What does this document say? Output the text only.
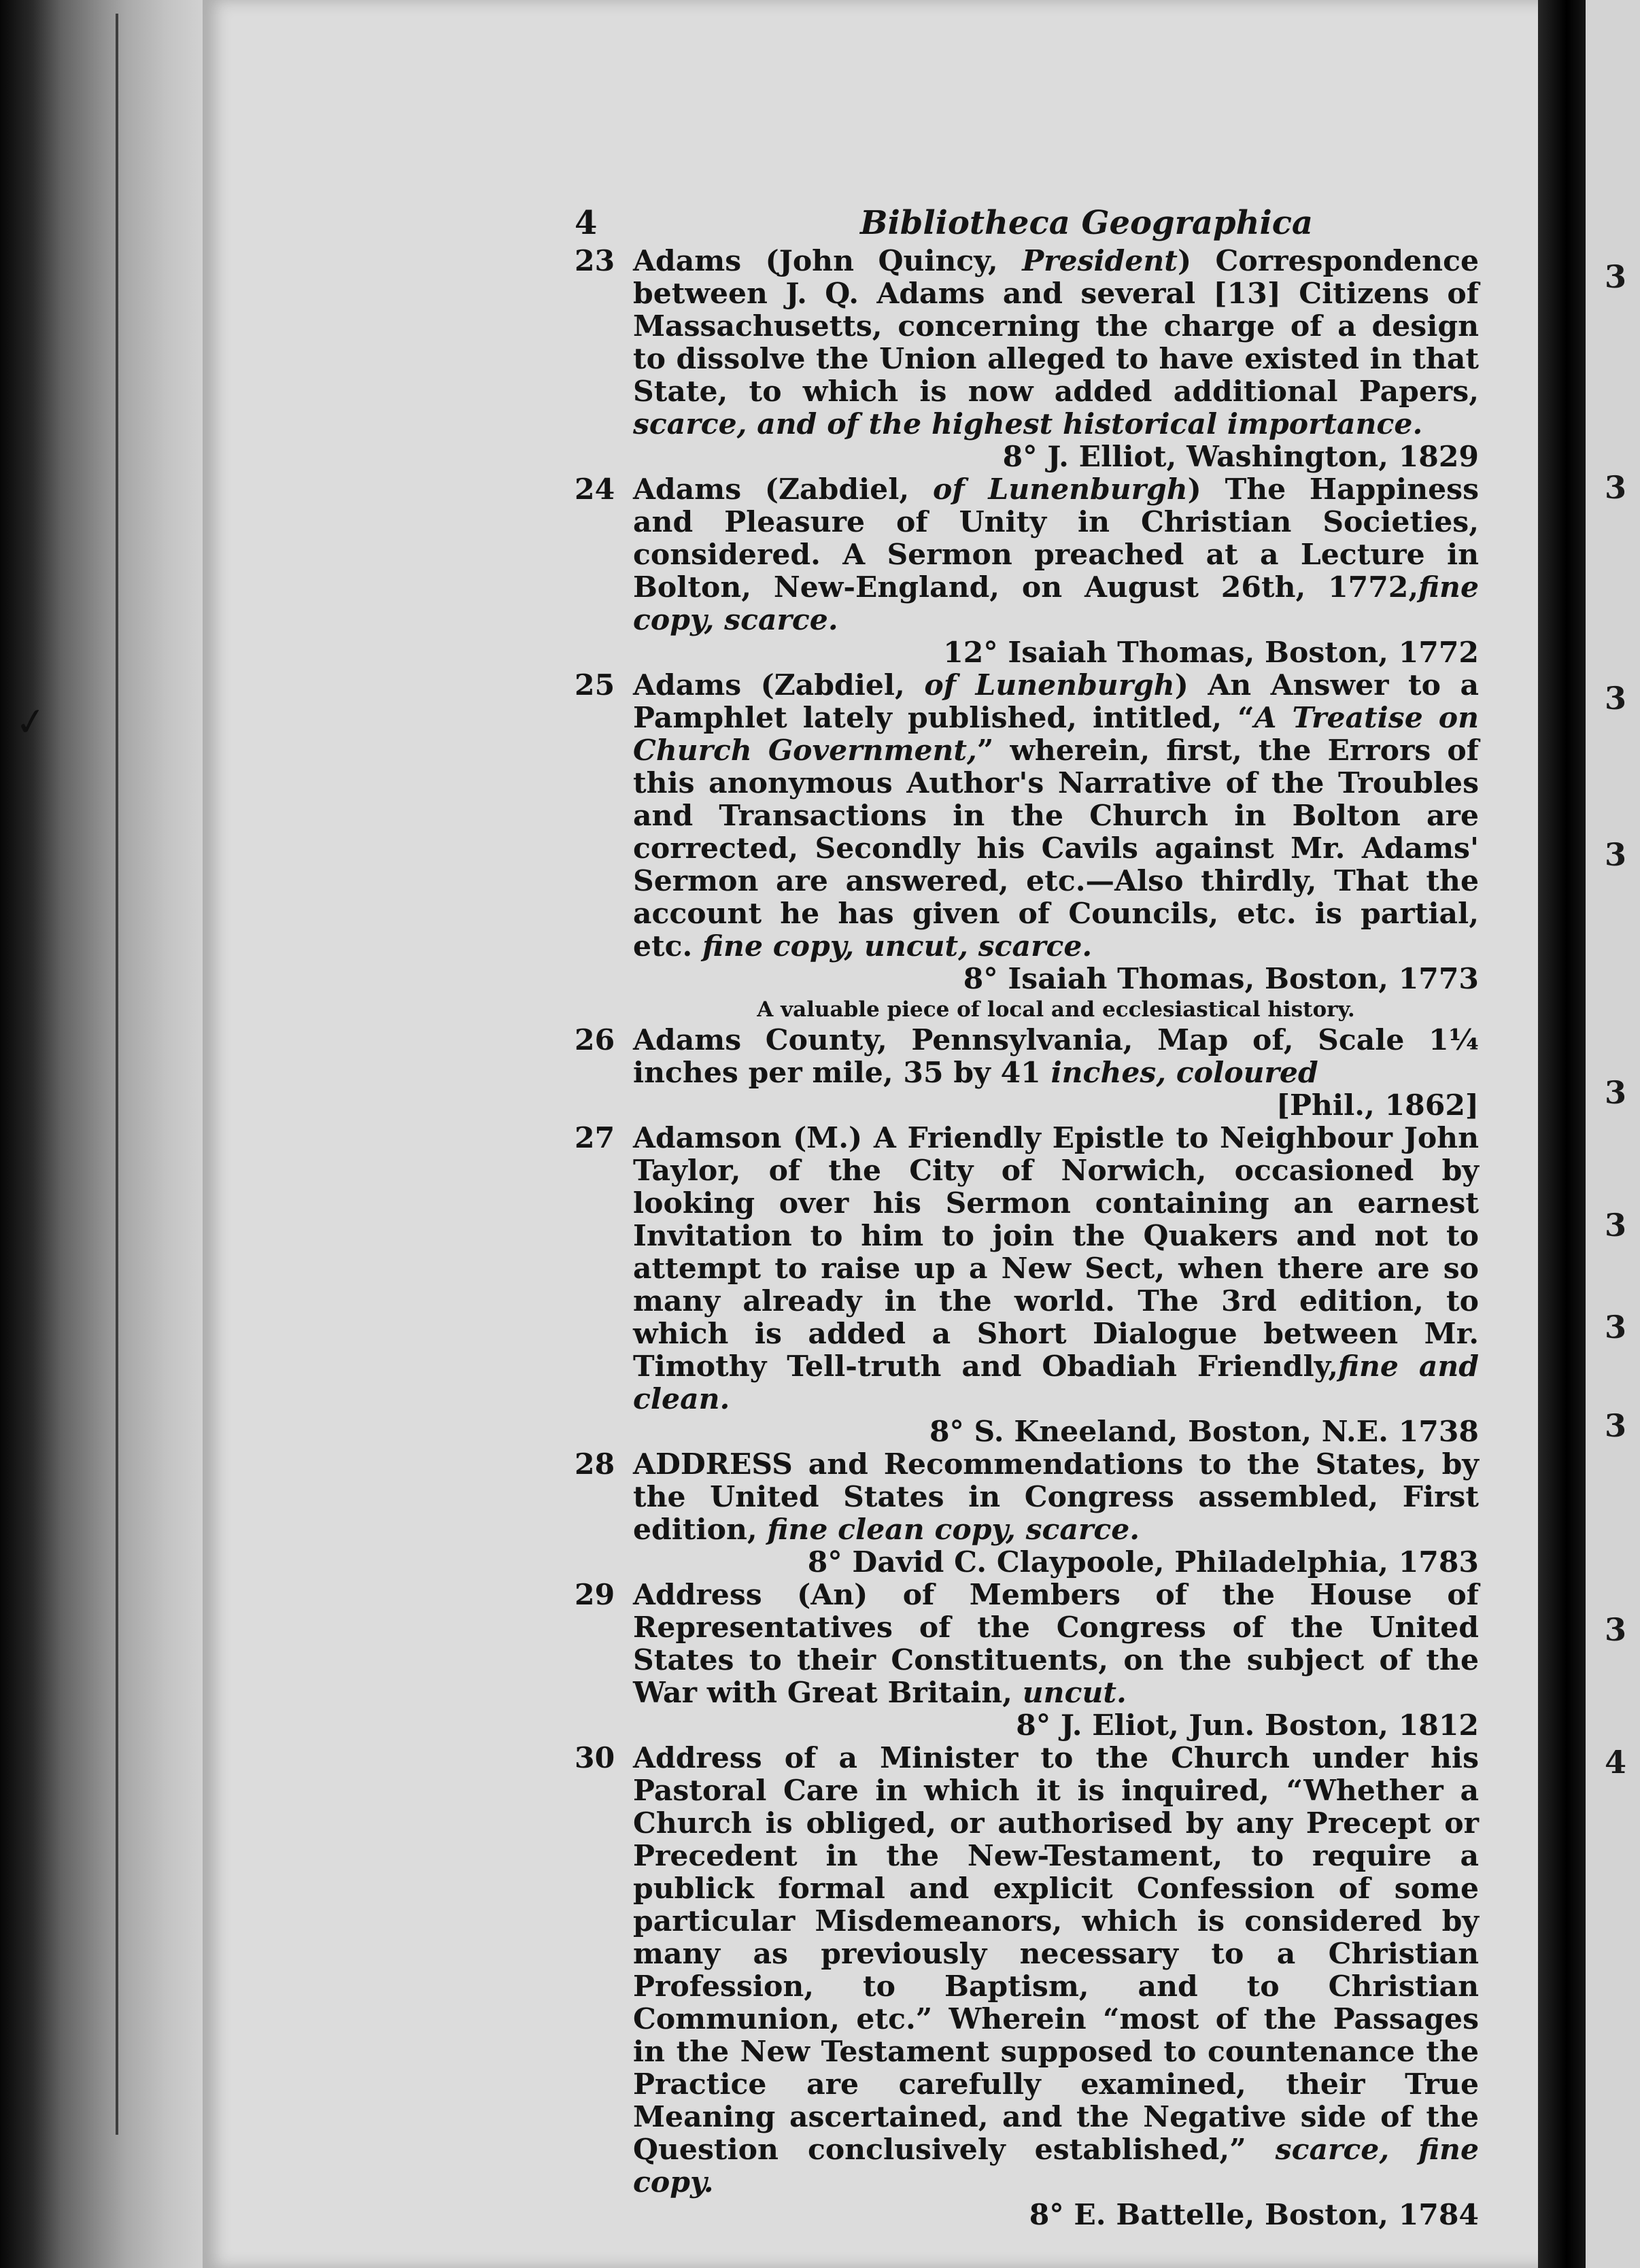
✓
3
3
3
3
3
3
3
3
3
4
4	Bibliotheca Geographica
23 Adams (John Quincy, President) Correspondence between J. Q. Adams and several [13] Citizens of Massachusetts, concerning the charge of a design to dissolve the Union alleged to have existed in that State, to which is now added additional Papers, scarce, and of the highest historical importance.
8° J. Elliot, Washington, 1829
24 Adams (Zabdiel, of Lunenburgh) The Happiness and Pleasure of Unity in Christian Societies, considered. A Sermon preached at a Lecture in Bolton, New-England, on August 26th, 1772,fine copy, scarce.
12° Isaiah Thomas, Boston, 1772
25 Adams (Zabdiel, of Lunenburgh) An Answer to a Pamphlet lately published, intitled, “A Treatise on Church Government,” wherein, first, the Errors of this anonymous Author's Narrative of the Troubles and Transactions in the Church in Bolton are corrected, Secondly his Cavils against Mr. Adams' Sermon are answered, etc.—Also thirdly, That the account he has given of Councils, etc. is partial, etc. fine copy, uncut, scarce.
8° Isaiah Thomas, Boston, 1773
A valuable piece of local and ecclesiastical history.
26 Adams County, Pennsylvania, Map of, Scale 1¼ inches per mile, 35 by 41 inches, coloured
[Phil., 1862]
27 Adamson (M.) A Friendly Epistle to Neighbour John Taylor, of the City of Norwich, occasioned by looking over his Sermon containing an earnest Invitation to him to join the Quakers and not to attempt to raise up a New Sect, when there are so many already in the world. The 3rd edition, to which is added a Short Dialogue between Mr. Timothy Tell-truth and Obadiah Friendly,fine and clean.
8° S. Kneeland, Boston, N.E. 1738
28 ADDRESS and Recommendations to the States, by the United States in Congress assembled, First edition, fine clean copy, scarce.
8° David C. Claypoole, Philadelphia, 1783
29 Address (An) of Members of the House of Representatives of the Congress of the United States to their Constituents, on the subject of the War with Great Britain, uncut.
8° J. Eliot, Jun. Boston, 1812
30 Address of a Minister to the Church under his Pastoral Care in which it is inquired, “Whether a Church is obliged, or authorised by any Precept or Precedent in the New-Testament, to require a publick formal and explicit Confession of some particular Misdemeanors, which is considered by many as previously necessary to a Christian Profession, to Baptism, and to Christian Communion, etc.” Wherein “most of the Passages in the New Testament supposed to countenance the Practice are carefully examined, their True Meaning ascertained, and the Negative side of the Question conclusively established,” scarce, fine copy.
8° E. Battelle, Boston, 1784
